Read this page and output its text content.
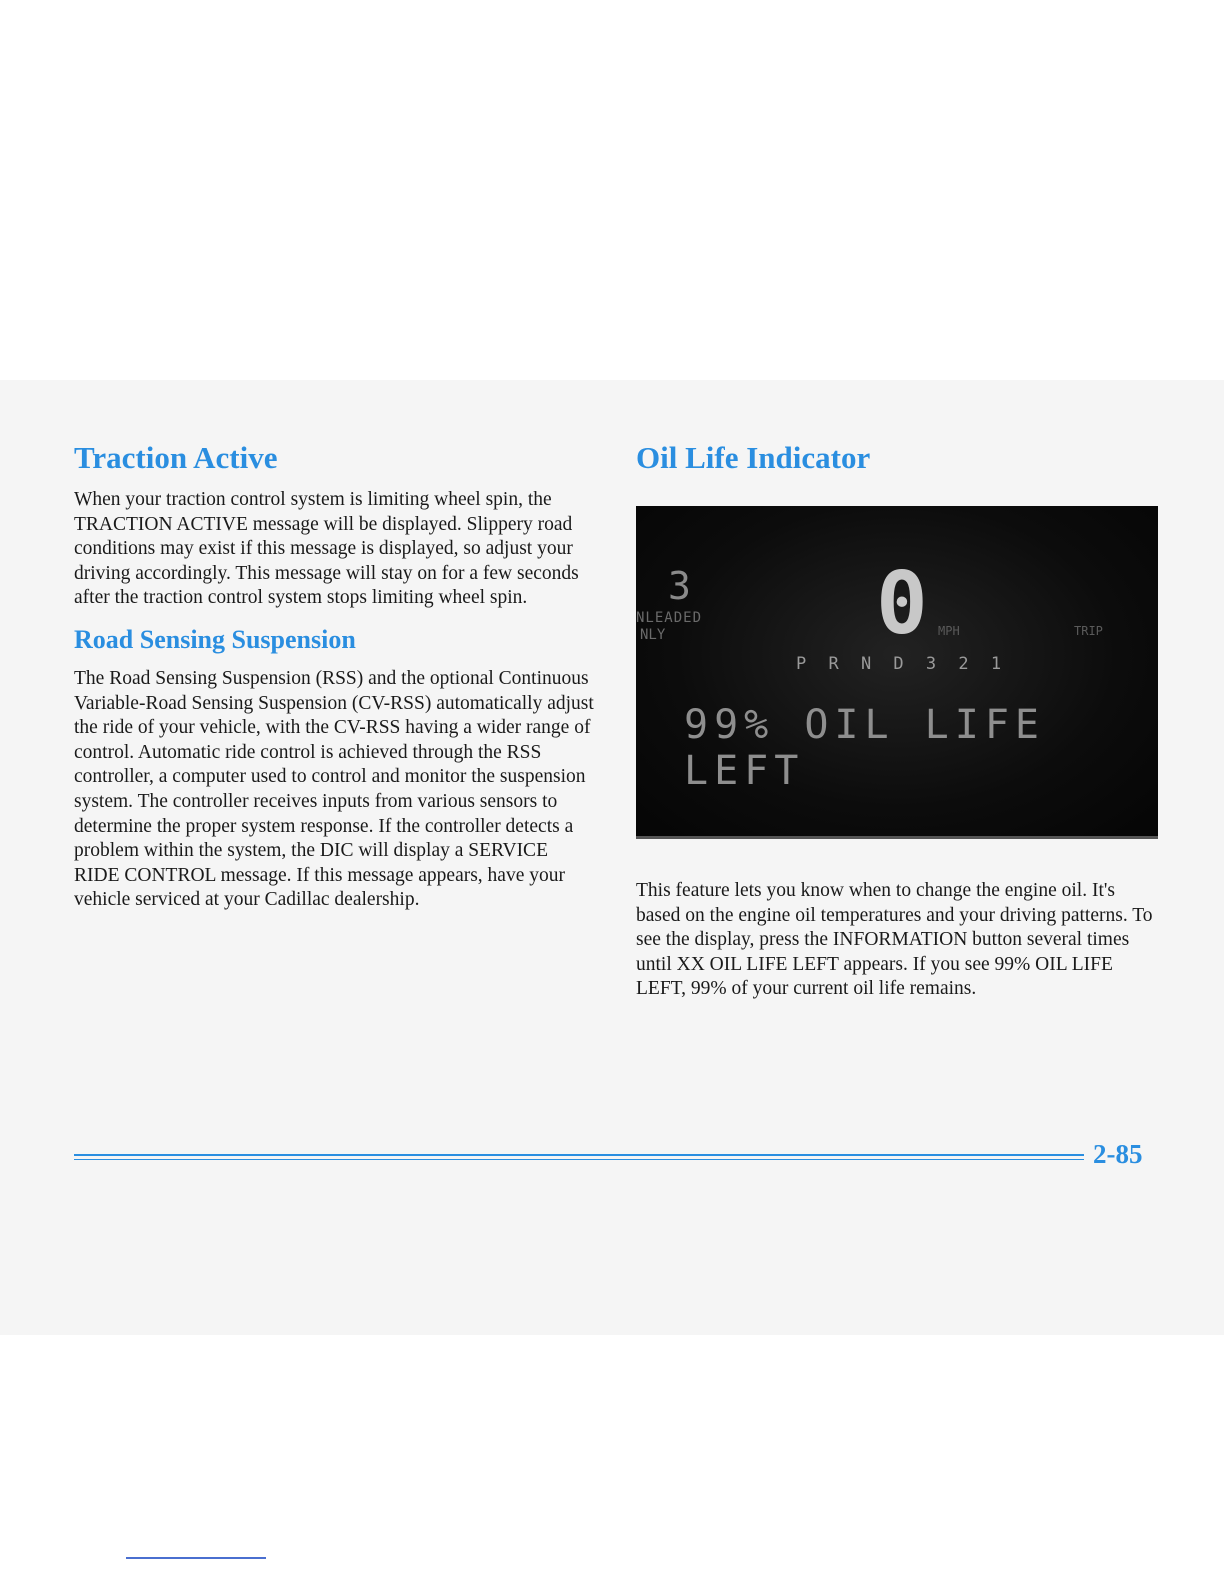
Traction Active

When your traction control system is limiting wheel spin, the TRACTION ACTIVE message will be displayed. Slippery road conditions may exist if this message is displayed, so adjust your driving accordingly. This message will stay on for a few seconds after the traction control system stops limiting wheel spin.

Road Sensing Suspension

The Road Sensing Suspension (RSS) and the optional Continuous Variable-Road Sensing Suspension (CV-RSS) automatically adjust the ride of your vehicle, with the CV-RSS having a wider range of control. Automatic ride control is achieved through the RSS controller, a computer used to control and monitor the suspension system. The controller receives inputs from various sensors to determine the proper system response. If the controller detects a problem within the system, the DIC will display a SERVICE RIDE CONTROL message. If this message appears, have your vehicle serviced at your Cadillac dealership.

Oil Life Indicator
3
NLEADED
NLY 0 MPH	TRIP
P R N D 3 2 1
99% OIL LIFE LEFT

This feature lets you know when to change the engine oil. It's based on the engine oil temperatures and your driving patterns. To see the display, press the INFORMATION button several times until XX OIL LIFE LEFT appears. If you see 99% OIL LIFE LEFT, 99% of your current oil life remains.

2-85
